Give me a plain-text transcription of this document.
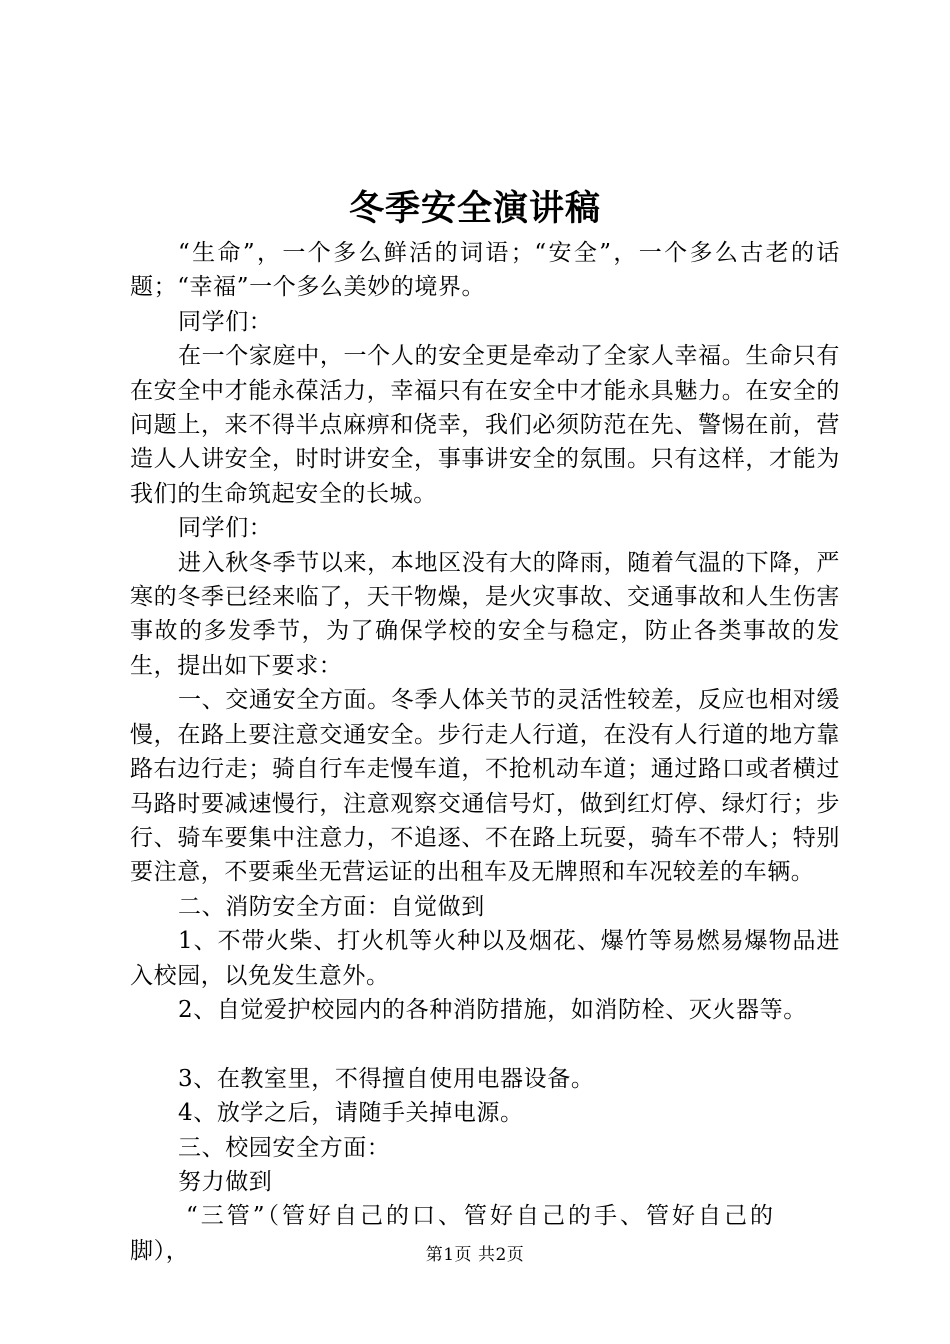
冬季安全演讲稿

“生命”，一个多么鲜活的词语；“安全”，一个多么古老的话题；“幸福”一个多么美妙的境界。

同学们：

在一个家庭中，一个人的安全更是牵动了全家人幸福。生命只有在安全中才能永葆活力，幸福只有在安全中才能永具魅力。在安全的问题上，来不得半点麻痹和侥幸，我们必须防范在先、警惕在前，营造人人讲安全，时时讲安全，事事讲安全的氛围。只有这样，才能为我们的生命筑起安全的长城。

同学们：

进入秋冬季节以来，本地区没有大的降雨，随着气温的下降，严寒的冬季已经来临了，天干物燥，是火灾事故、交通事故和人生伤害事故的多发季节，为了确保学校的安全与稳定，防止各类事故的发生，提出如下要求：

一、交通安全方面。冬季人体关节的灵活性较差，反应也相对缓慢，在路上要注意交通安全。步行走人行道，在没有人行道的地方靠路右边行走；骑自行车走慢车道，不抢机动车道；通过路口或者横过马路时要减速慢行，注意观察交通信号灯，做到红灯停、绿灯行；步行、骑车要集中注意力，不追逐、不在路上玩耍，骑车不带人；特别要注意，不要乘坐无营运证的出租车及无牌照和车况较差的车辆。

二、消防安全方面：自觉做到

1、不带火柴、打火机等火种以及烟花、爆竹等易燃易爆物品进入校园，以免发生意外。

2、自觉爱护校园内的各种消防措施，如消防栓、灭火器等。

3、在教室里，不得擅自使用电器设备。

4、放学之后，请随手关掉电源。

三、校园安全方面：

努力做到

“三管”（管好自己的口、管好自己的手、管好自己的

脚），	第1页 共2页
